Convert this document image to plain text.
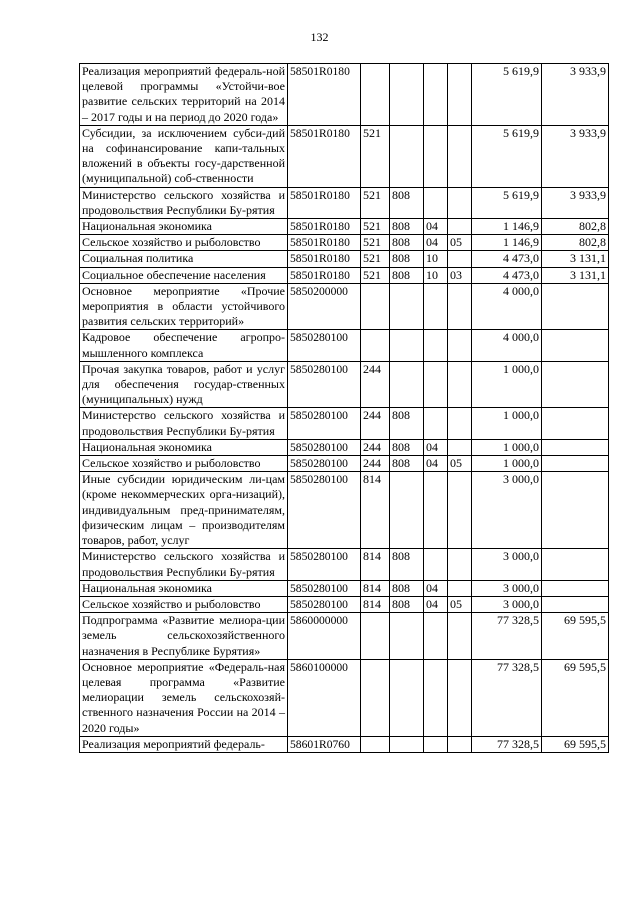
132
Реализация мероприятий федераль-ной целевой программы «Устойчи-вое развитие сельских территорий на 2014 – 2017 годы и на период до 2020 года»	58501R0180					5 619,9	3 933,9
Субсидии, за исключением субси-дий на софинансирование капи-тальных вложений в объекты госу-дарственной (муниципальной) соб-ственности	58501R0180	521				5 619,9	3 933,9
Министерство сельского хозяйства и продовольствия Республики Бу-рятия	58501R0180	521	808			5 619,9	3 933,9
Национальная экономика	58501R0180	521	808	04		1 146,9	802,8
Сельское хозяйство и рыболовство	58501R0180	521	808	04	05	1 146,9	802,8
Социальная политика	58501R0180	521	808	10		4 473,0	3 131,1
Социальное обеспечение населения	58501R0180	521	808	10	03	4 473,0	3 131,1
Основное мероприятие «Прочие мероприятия в области устойчивого развития сельских территорий»	5850200000					4 000,0	
Кадровое обеспечение агропро-мышленного комплекса	5850280100					4 000,0	
Прочая закупка товаров, работ и услуг для обеспечения государ-ственных (муниципальных) нужд	5850280100	244				1 000,0	
Министерство сельского хозяйства и продовольствия Республики Бу-рятия	5850280100	244	808			1 000,0	
Национальная экономика	5850280100	244	808	04		1 000,0	
Сельское хозяйство и рыболовство	5850280100	244	808	04	05	1 000,0	
Иные субсидии юридическим ли-цам (кроме некоммерческих орга-низаций), индивидуальным пред-принимателям, физическим лицам – производителям товаров, работ, услуг	5850280100	814				3 000,0	
Министерство сельского хозяйства и продовольствия Республики Бу-рятия	5850280100	814	808			3 000,0	
Национальная экономика	5850280100	814	808	04		3 000,0	
Сельское хозяйство и рыболовство	5850280100	814	808	04	05	3 000,0	
Подпрограмма «Развитие мелиора-ции земель сельскохозяйственного назначения в Республике Бурятия»	5860000000					77 328,5	69 595,5
Основное мероприятие «Федераль-ная целевая программа «Развитие мелиорации земель сельскохозяй-ственного назначения России на 2014 – 2020 годы»	5860100000					77 328,5	69 595,5
Реализация мероприятий федераль-	58601R0760					77 328,5	69 595,5
